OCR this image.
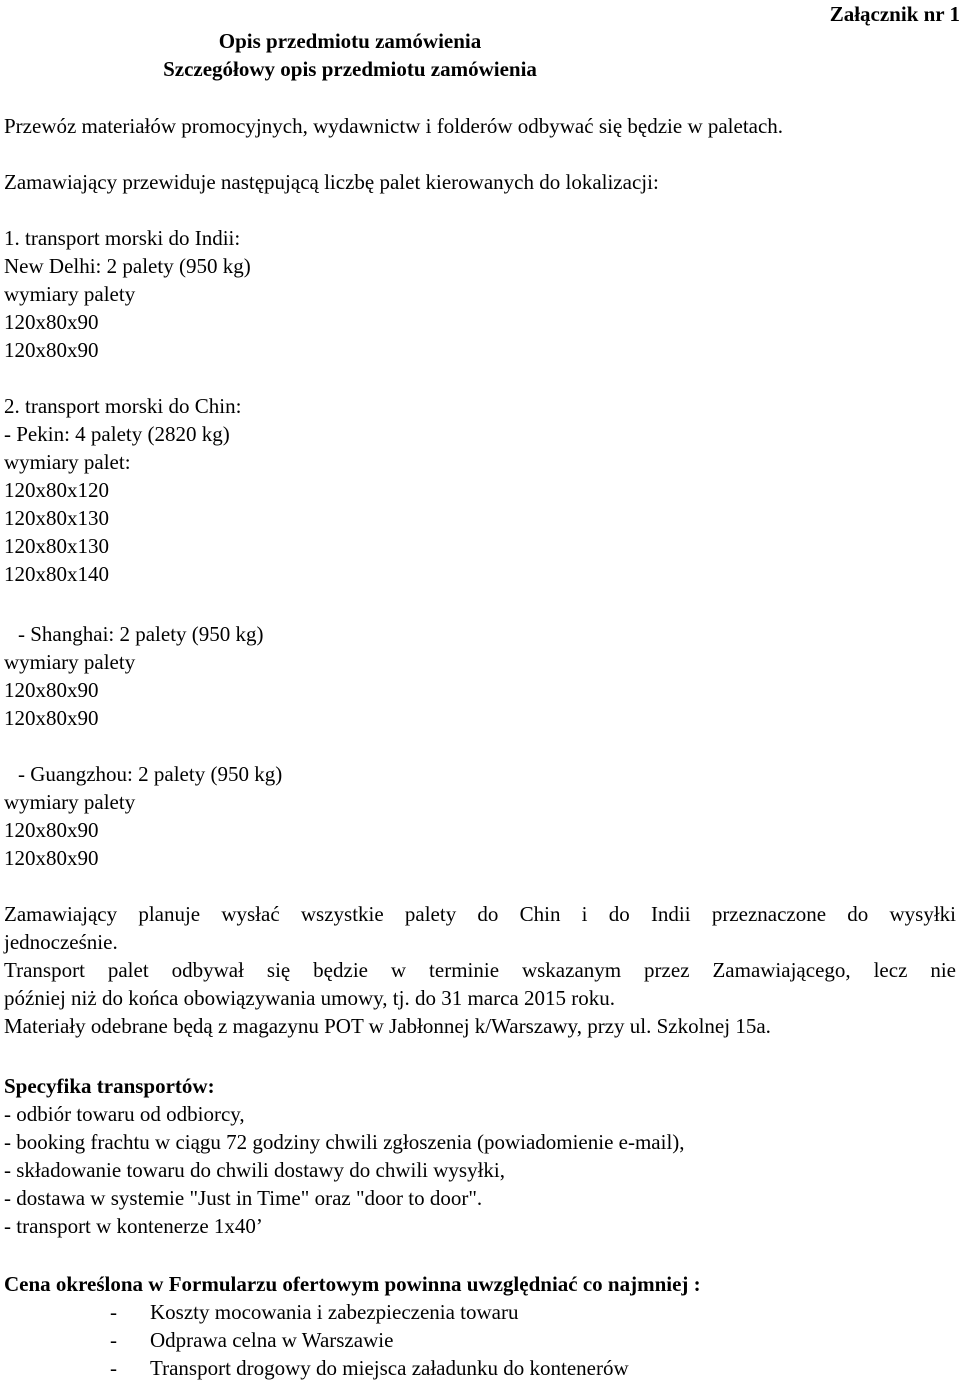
Załącznik nr 1
Opis przedmiotu zamówienia
Szczegółowy opis przedmiotu zamówienia
Przewóz materiałów promocyjnych, wydawnictw i folderów odbywać się będzie w paletach.
Zamawiający przewiduje następującą liczbę palet kierowanych do lokalizacji:
1. transport morski do Indii:
New Delhi: 2 palety (950 kg)
wymiary palety
120x80x90
120x80x90
2. transport morski do Chin:
- Pekin: 4 palety (2820 kg)
wymiary palet:
120x80x120
120x80x130
120x80x130
120x80x140
- Shanghai: 2 palety (950 kg)
wymiary palety
120x80x90
120x80x90
- Guangzhou: 2 palety (950 kg)
wymiary palety
120x80x90
120x80x90
Zamawiający planuje wysłać wszystkie palety do Chin i do Indii przeznaczone do wysyłki
jednocześnie.
Transport palet odbywał się będzie w terminie wskazanym przez Zamawiającego, lecz nie
później niż do końca obowiązywania umowy, tj. do 31 marca 2015 roku.
Materiały odebrane będą z magazynu POT w Jabłonnej k/Warszawy, przy ul. Szkolnej 15a.
Specyfika transportów:
- odbiór towaru od odbiorcy,
- booking frachtu w ciągu 72 godziny chwili zgłoszenia (powiadomienie e-mail),
- składowanie towaru do chwili dostawy do chwili wysyłki,
- dostawa w systemie "Just in Time" oraz "door to door".
- transport w kontenerze 1x40’
Cena określona w Formularzu ofertowym powinna uwzględniać co najmniej :
-	Koszty mocowania i zabezpieczenia towaru
-	Odprawa celna w Warszawie
-	Transport drogowy do miejsca załadunku do kontenerów
